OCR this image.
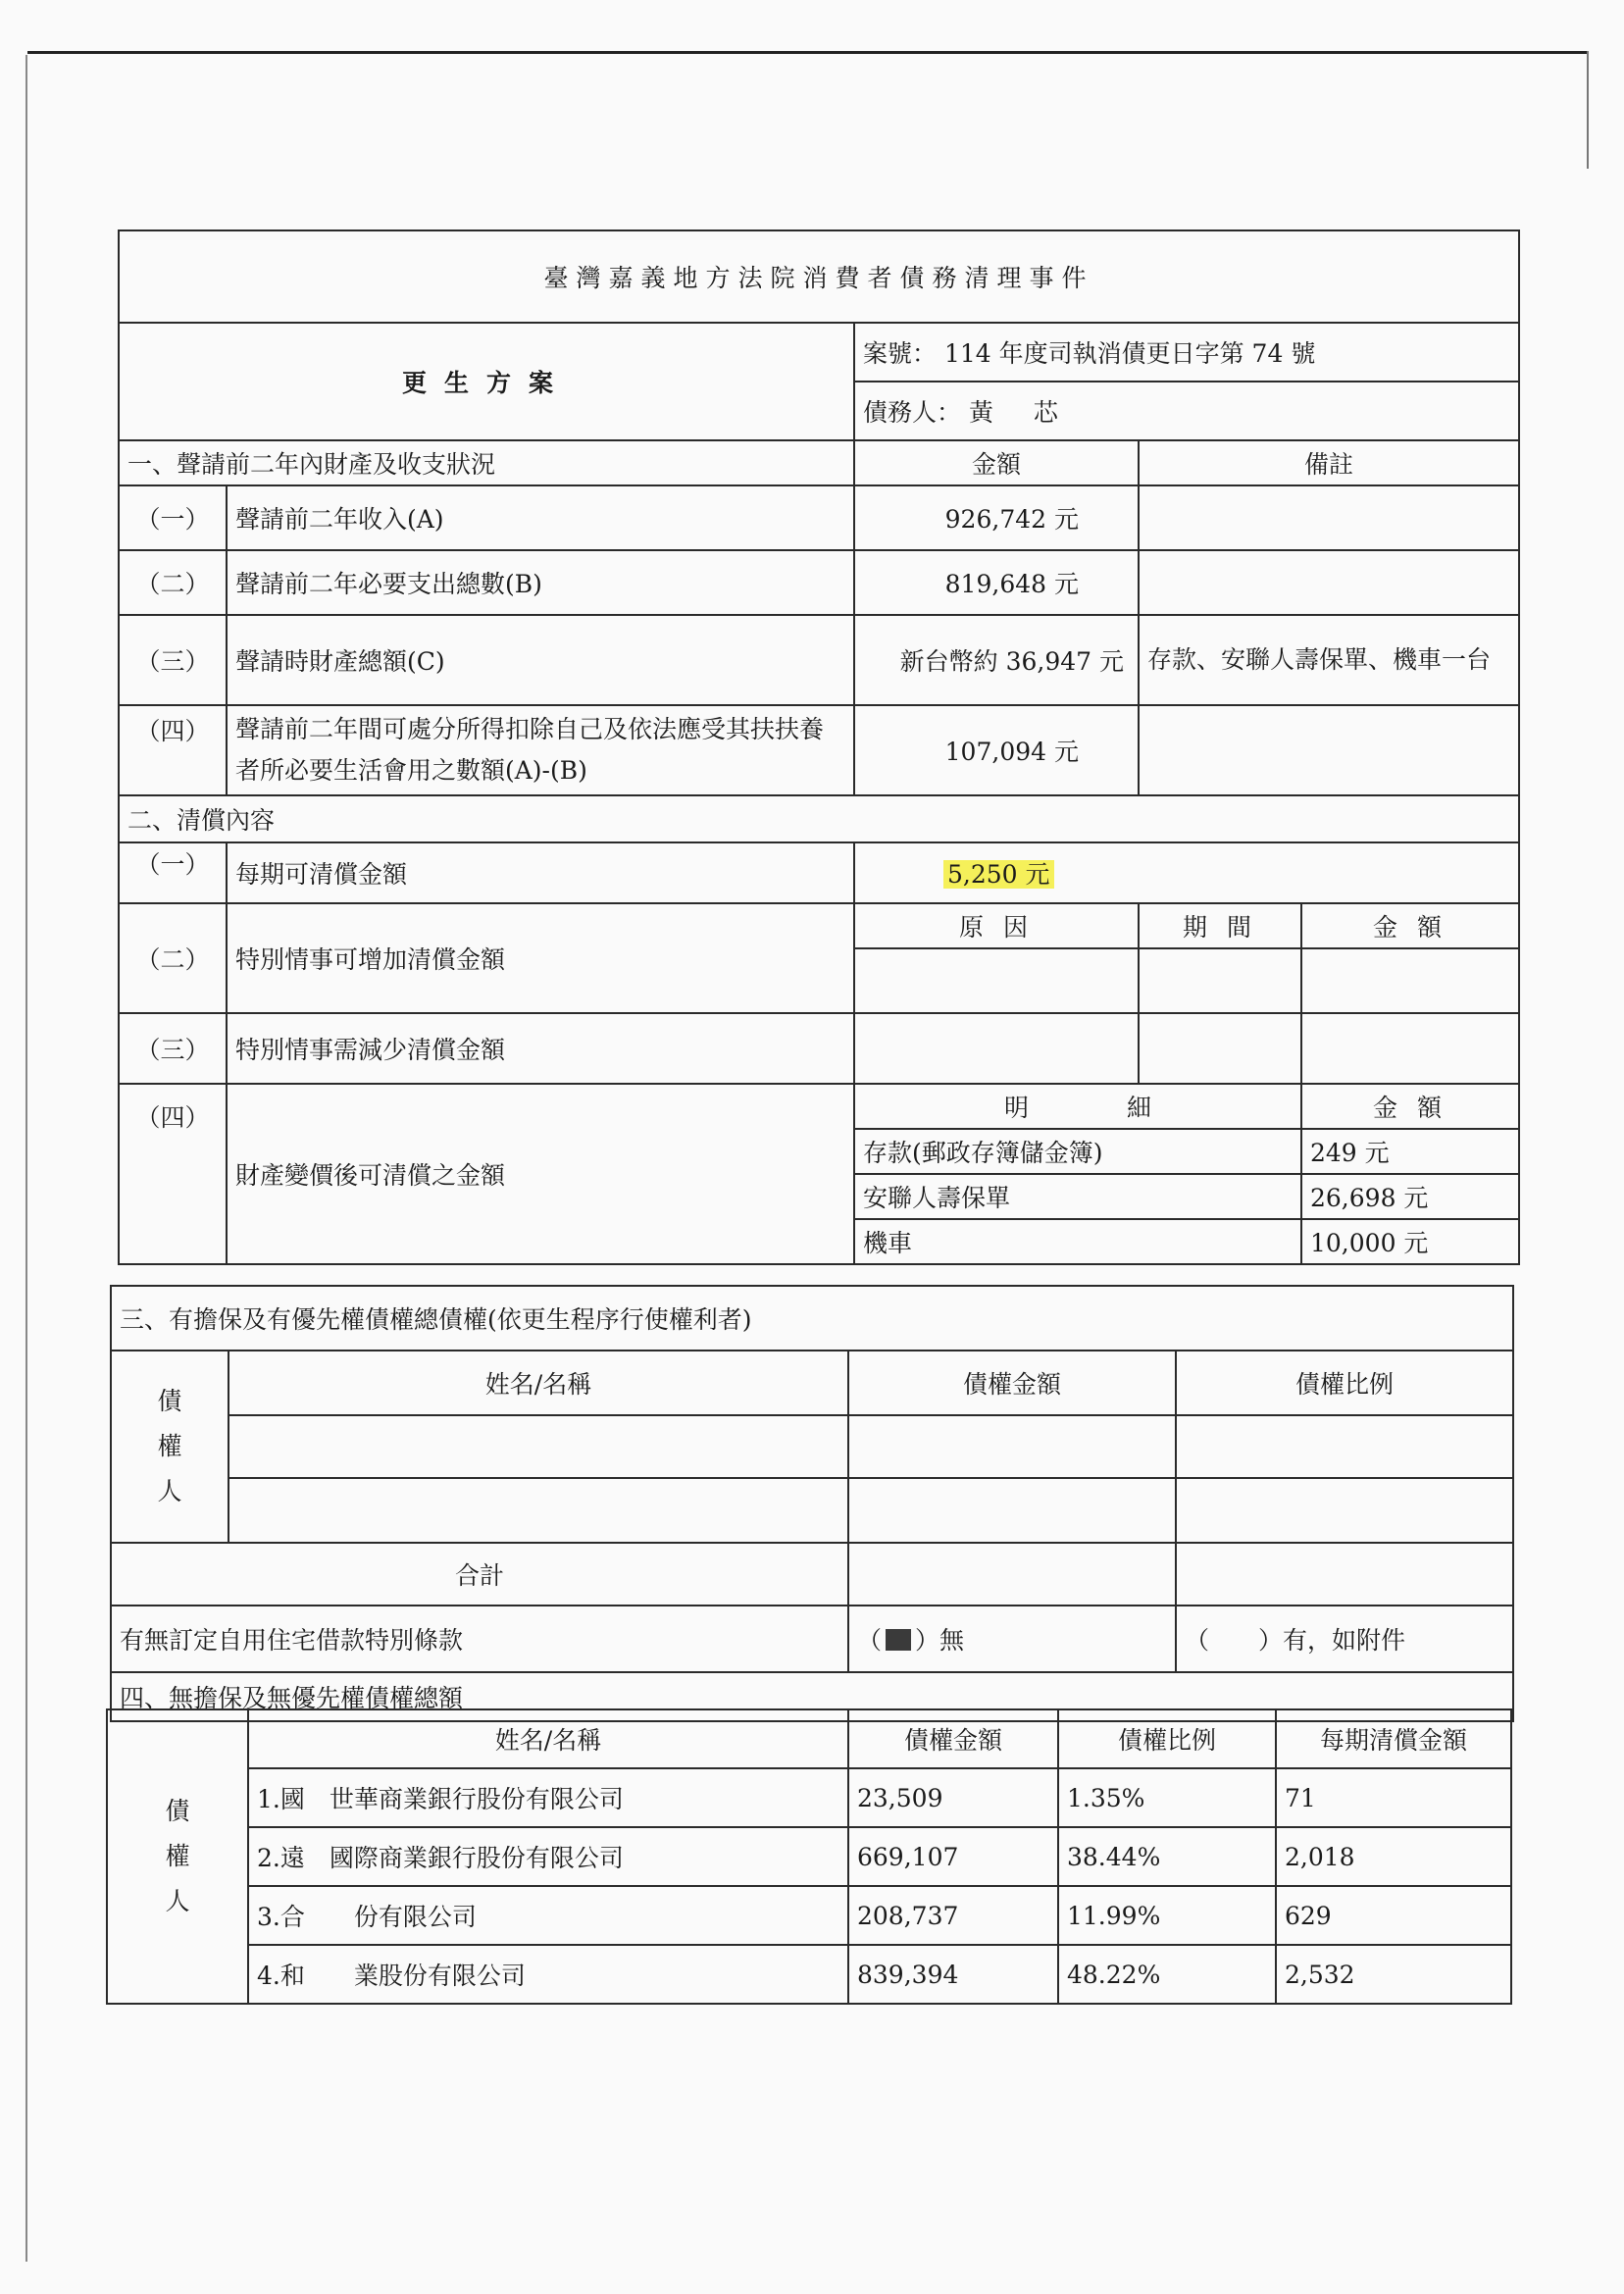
臺灣嘉義地方法院消費者債務清理事件				
更生方案		案號： 114 年度司執消債更日字第 74 號		
		債務人： 黃 　 芯		
一、聲請前二年內財產及收支狀況		金額	備註	
（一）	聲請前二年收入(A)	926,742 元		
（二）	聲請前二年必要支出總數(B)	819,648 元		
（三）	聲請時財產總額(C)	新台幣約 36,947 元	存款、安聯人壽保單、機車一台	
（四）	聲請前二年間可處分所得扣除自己及依法應受其扶扶養者所必要生活會用之數額(A)-(B)	107,094 元		
二、清償內容				
（一）	每期可清償金額	5,250 元		
（二）	特別情事可增加清償金額	原 因	期 間	金 額

（三）	特別情事需減少清償金額			
（四）	財產變價後可清償之金額	明　　　　細		金 額
		存款(郵政存簿儲金簿)		249 元
		安聯人壽保單		26,698 元
		機車		10,000 元
三、有擔保及有優先權債權總債權(依更生程序行使權利者)			
債權人	姓名/名稱	債權金額	債權比例

合計			
有無訂定自用住宅借款特別條款		（ ）無	（　　）有，如附件
四、無擔保及無優先權債權總額			
債權人	姓名/名稱	債權金額	債權比例	每期清償金額
	1.國　世華商業銀行股份有限公司	23,509	1.35%	71
	2.遠　國際商業銀行股份有限公司	669,107	38.44%	2,018
	3.合　　份有限公司	208,737	11.99%	629
	4.和　　業股份有限公司	839,394	48.22%	2,532
